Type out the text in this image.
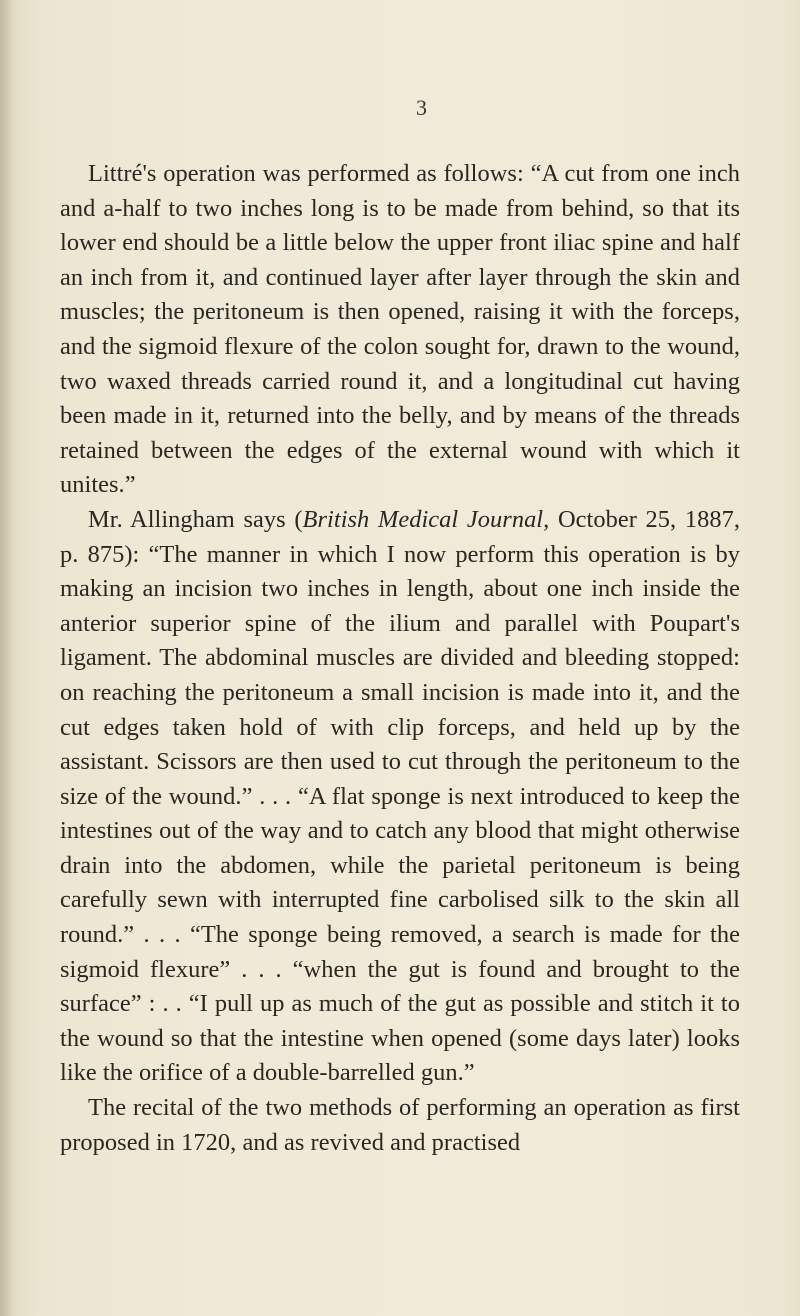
3

Littré's operation was performed as follows: “A cut from one inch and a-half to two inches long is to be made from behind, so that its lower end should be a little below the upper front iliac spine and half an inch from it, and continued layer after layer through the skin and muscles; the peritoneum is then opened, raising it with the forceps, and the sigmoid flexure of the colon sought for, drawn to the wound, two waxed threads carried round it, and a longitudinal cut having been made in it, returned into the belly, and by means of the threads retained between the edges of the external wound with which it unites.”

Mr. Allingham says (British Medical Journal, October 25, 1887, p. 875): “The manner in which I now perform this operation is by making an incision two inches in length, about one inch inside the anterior superior spine of the ilium and parallel with Poupart's ligament. The abdominal muscles are divided and bleeding stopped: on reaching the peritoneum a small incision is made into it, and the cut edges taken hold of with clip forceps, and held up by the assistant. Scissors are then used to cut through the peritoneum to the size of the wound.” . . . “A flat sponge is next introduced to keep the intestines out of the way and to catch any blood that might otherwise drain into the abdomen, while the parietal peritoneum is being carefully sewn with interrupted fine carbolised silk to the skin all round.” . . . “The sponge being removed, a search is made for the sigmoid flexure” . . . “when the gut is found and brought to the surface” : . . “I pull up as much of the gut as possible and stitch it to the wound so that the intestine when opened (some days later) looks like the orifice of a double-barrelled gun.”

The recital of the two methods of performing an operation as first proposed in 1720, and as revived and practised
